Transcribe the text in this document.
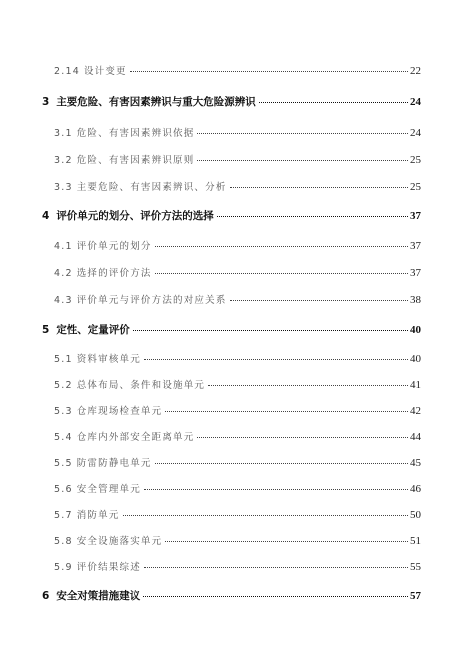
2.14 设计变更	22
3 主要危险、有害因素辨识与重大危险源辨识	24
3.1 危险、有害因素辨识依据	24
3.2 危险、有害因素辨识原则	25
3.3 主要危险、有害因素辨识、分析	25
4 评价单元的划分、评价方法的选择	37
4.1 评价单元的划分	37
4.2 选择的评价方法	37
4.3 评价单元与评价方法的对应关系	38
5 定性、定量评价	40
5.1 资料审核单元	40
5.2 总体布局、条件和设施单元	41
5.3 仓库现场检查单元	42
5.4 仓库内外部安全距离单元	44
5.5 防雷防静电单元	45
5.6 安全管理单元	46
5.7 消防单元	50
5.8 安全设施落实单元	51
5.9 评价结果综述	55
6 安全对策措施建议	57
